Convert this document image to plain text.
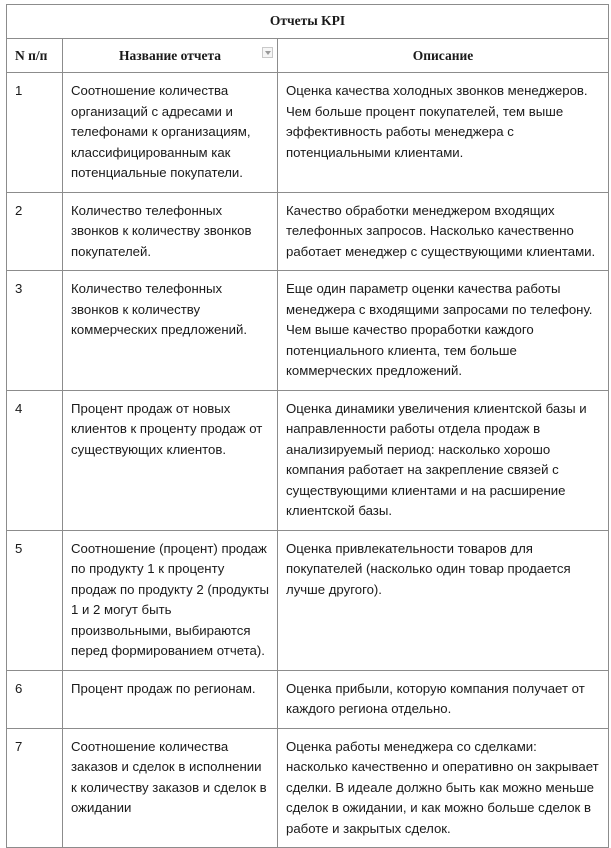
Отчеты KPI		
N п/п	Название отчета	Описание
1	Соотношение количества организаций с адресами и телефонами к организациям, классифицированным как потенциальные покупатели.	Оценка качества холодных звонков менеджеров. Чем больше процент покупателей, тем выше эффективность работы менеджера с потенциальными клиентами.
2	Количество телефонных звонков к количеству звонков покупателей.	Качество обработки менеджером входящих телефонных запросов. Насколько качественно работает менеджер с существующими клиентами.
3	Количество телефонных звонков к количеству коммерческих предложений.	Еще один параметр оценки качества работы менеджера с входящими запросами по телефону. Чем выше качество проработки каждого потенциального клиента, тем больше коммерческих предложений.
4	Процент продаж от новых клиентов к проценту продаж от существующих клиентов.	Оценка динамики увеличения клиентской базы и направленности работы отдела продаж в анализируемый период: насколько хорошо компания работает на закрепление связей с существующими клиентами и на расширение клиентской базы.
5	Соотношение (процент) продаж по продукту 1 к проценту продаж по продукту 2 (продукты 1 и 2 могут быть произвольными, выбираются перед формированием отчета).	Оценка привлекательности товаров для покупателей (насколько один товар продается лучше другого).
6	Процент продаж по регионам.	Оценка прибыли, которую компания получает от каждого региона отдельно.
7	Соотношение количества заказов и сделок в исполнении к количеству заказов и сделок в ожидании	Оценка работы менеджера со сделками: насколько качественно и оперативно он закрывает сделки. В идеале должно быть как можно меньше сделок в ожидании, и как можно больше сделок в работе и закрытых сделок.
